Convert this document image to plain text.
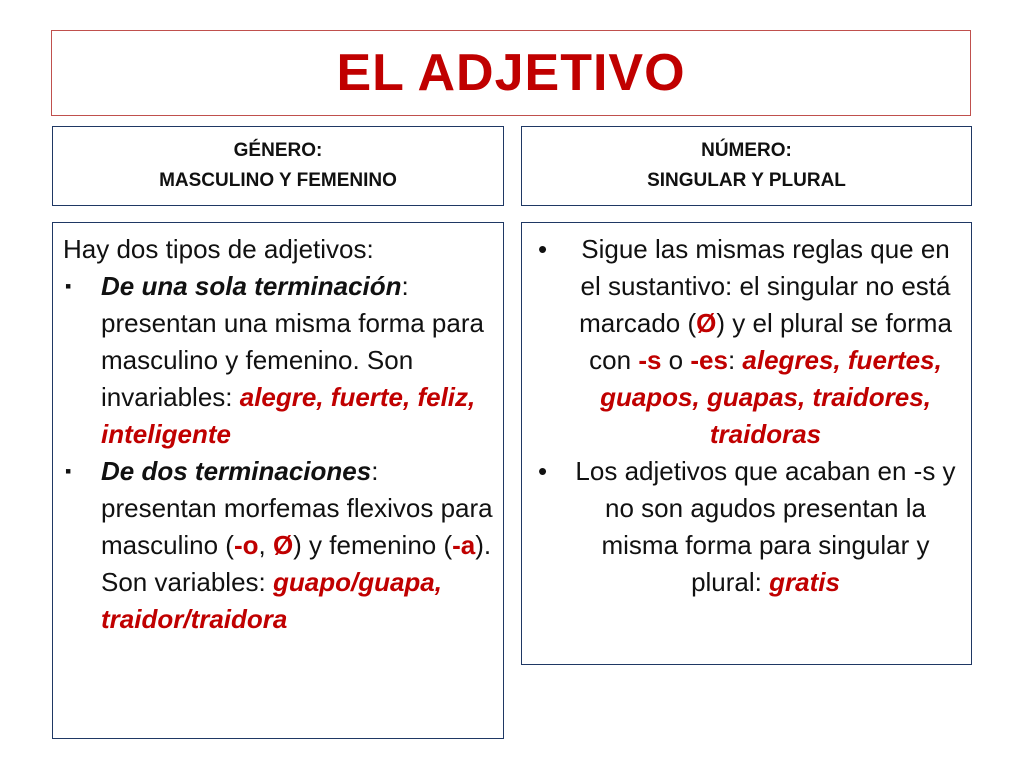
EL ADJETIVO
GÉNERO:
MASCULINO Y FEMENINO
NÚMERO:
SINGULAR Y PLURAL

Hay dos tipos de adjetivos:

▪ De una sola terminación: presentan una misma forma para masculino y femenino. Son invariables: alegre, fuerte, feliz, inteligente
▪ De dos terminaciones: presentan morfemas flexivos para masculino (-o, Ø) y femenino (-a). Son variables: guapo/guapa, traidor/traidora
• Sigue las mismas reglas que en el sustantivo: el singular no está marcado (Ø) y el plural se forma con -s o -es: alegres, fuertes, guapos, guapas, traidores, traidoras
• Los adjetivos que acaban en -s y no son agudos presentan la misma forma para singular y plural: gratis
